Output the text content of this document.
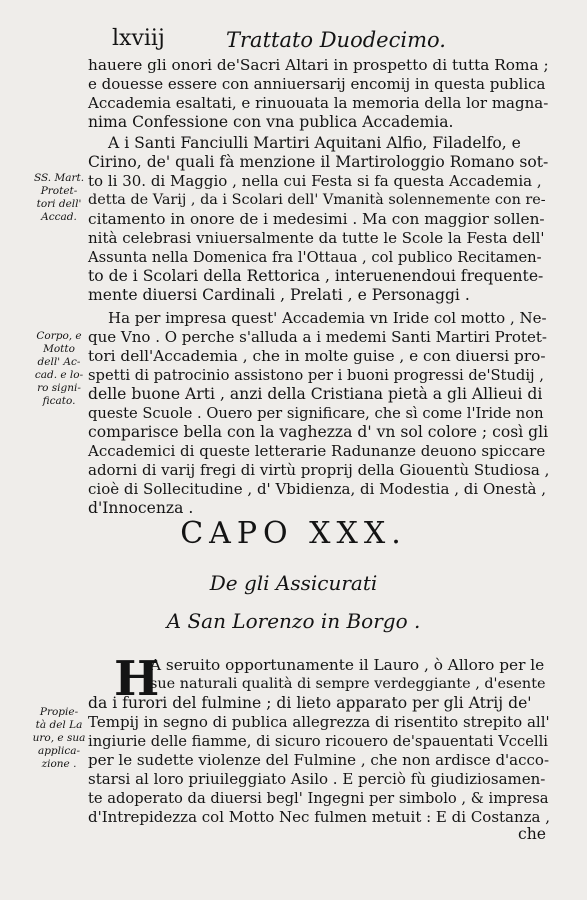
lxviij	Trattato Duodecimo.
hauere gli onori de'Sacri Altari in prospetto di tutta Roma ;
e douesse essere con anniuersarij encomij in questa publica
Accademia esaltati, e rinuouata la memoria della lor magna-
nima Confessione con vna publica Accademia.
A i Santi Fanciulli Martiri Aquitani Alfio, Filadelfo, e
Cirino, de' quali fà menzione il Martirologgio Romano sot-
to li 30. di Maggio , nella cui Festa si fa questa Accademia ,
detta de Varij , da i Scolari dell' Vmanità solennemente con re-
citamento in onore de i medesimi . Ma con maggior sollen-
nità celebrasi vniuersalmente da tutte le Scole la Festa dell'
Assunta nella Domenica fra l'Ottaua , col publico Recitamen-
to de i Scolari della Rettorica , interuenendoui frequente-
mente diuersi Cardinali , Prelati , e Personaggi .
Ha per impresa quest' Accademia vn Iride col motto , Ne-
que Vno . O perche s'alluda a i medemi Santi Martiri Protet-
tori dell'Accademia , che in molte guise , e con diuersi pro-
spetti di patrocinio assistono per i buoni progressi de'Studij ,
delle buone Arti , anzi della Cristiana pietà a gli Allieui di
queste Scuole . Ouero per significare, che sì come l'Iride non
comparisce bella con la vaghezza d' vn sol colore ; così gli
Accademici di queste letterarie Radunanze deuono spiccare
adorni di varij fregi di virtù proprij della Giouentù Studiosa ,
cioè di Sollecitudine , d' Vbidienza, di Modestia , di Onestà ,
d'Innocenza .
SS. Mart.
Protet-
tori dell'
Accad.
Corpo, e
Motto
dell' Ac-
cad. e lo-
ro signi-
ficato.
Propie-
tà del La
uro, e sua
applica-
zione .
CAPO XXX.
De gli Assicurati
A San Lorenzo in Borgo .
H
A seruito opportunamente il Lauro , ò Alloro per le
sue naturali qualità di sempre verdeggiante , d'esente
da i furori del fulmine ; di lieto apparato per gli Atrij de'
Tempij in segno di publica allegrezza di risentito strepito all'
ingiurie delle fiamme, di sicuro ricouero de'spauentati Vccelli
per le sudette violenze del Fulmine , che non ardisce d'acco-
starsi al loro priuileggiato Asilo . E perciò fù giudiziosamen-
te adoperato da diuersi begl' Ingegni per simbolo , & impresa
d'Intrepidezza col Motto Nec fulmen metuit : E di Costanza ,
che
